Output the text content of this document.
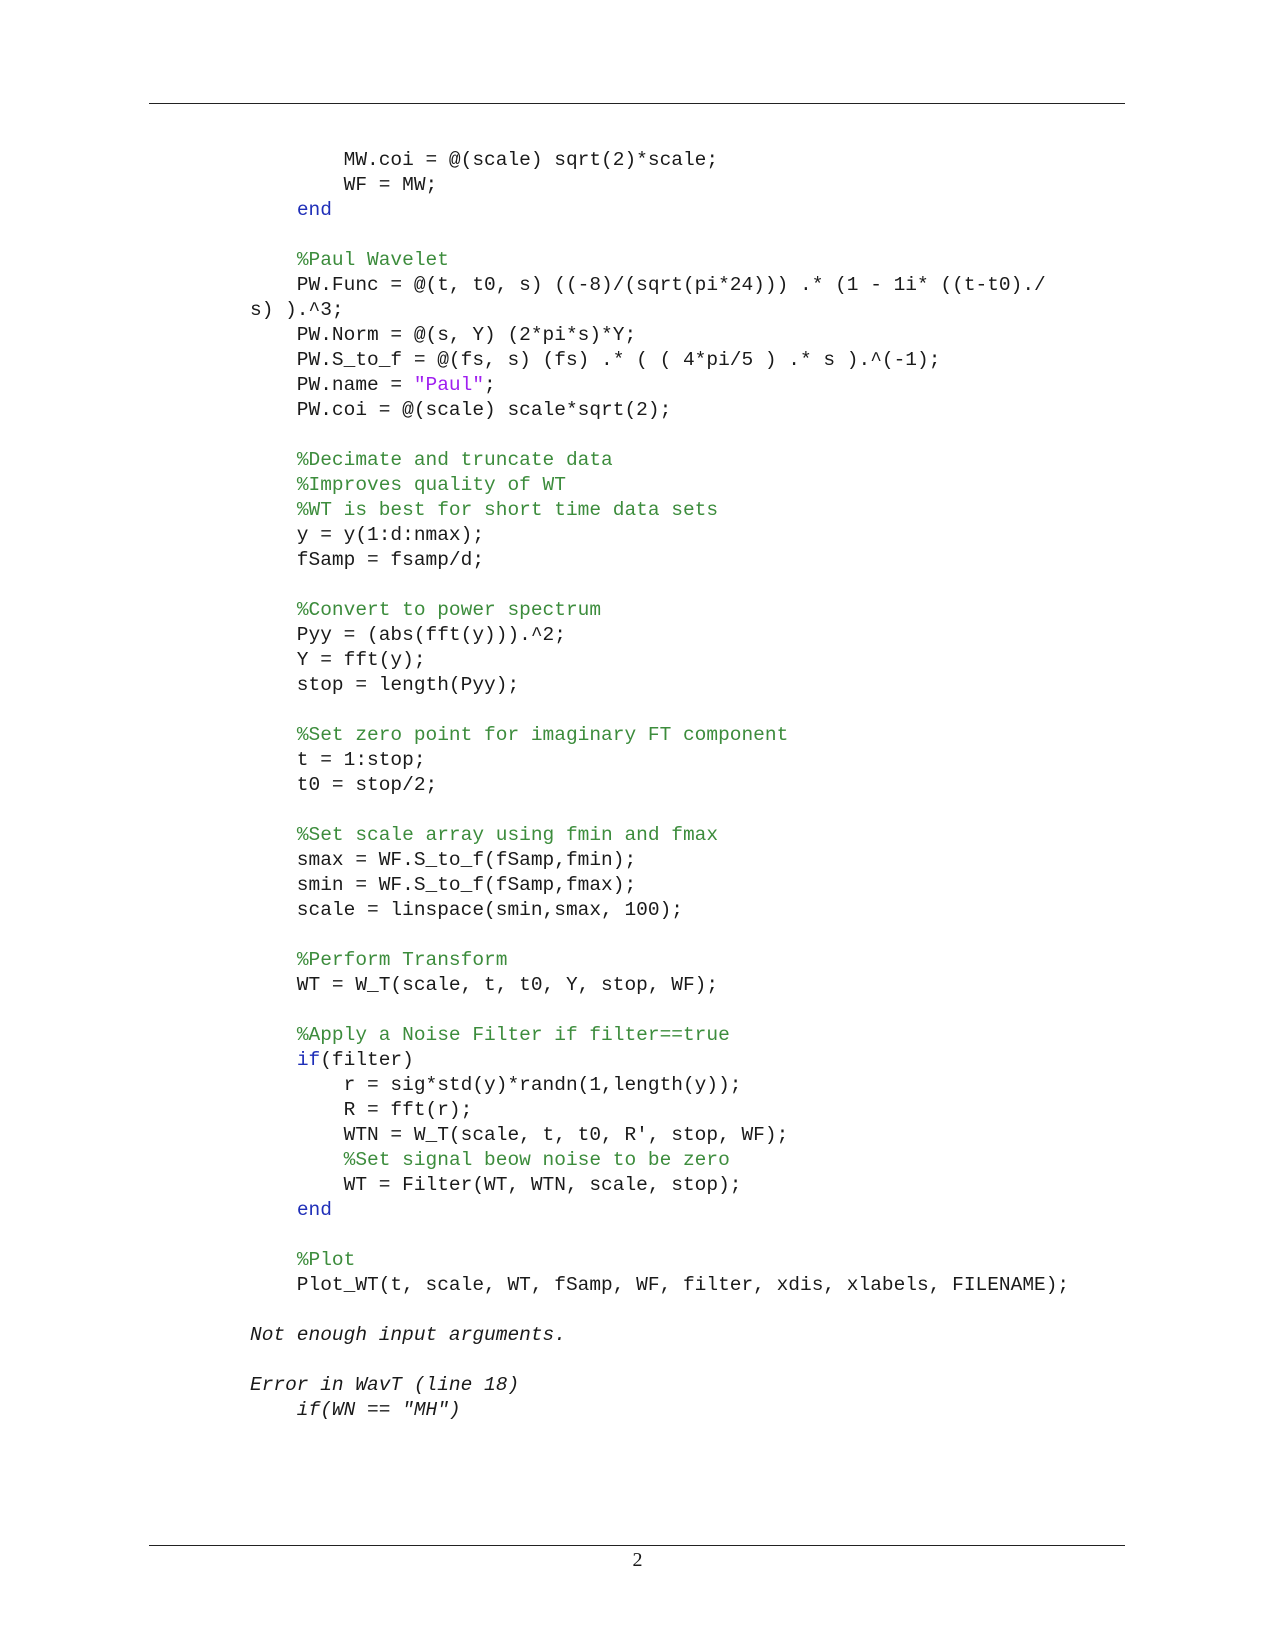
MW.coi = @(scale) sqrt(2)*scale;
WF = MW;
end
%Paul Wavelet
PW.Func = @(t, t0, s) ((-8)/(sqrt(pi*24))) .* (1 - 1i* ((t-t0)./
s) ).^3;
PW.Norm = @(s, Y) (2*pi*s)*Y;
PW.S_to_f = @(fs, s) (fs) .* ( ( 4*pi/5 ) .* s ).^(-1);
PW.name = "Paul";
PW.coi = @(scale) scale*sqrt(2);
%Decimate and truncate data
%Improves quality of WT
%WT is best for short time data sets
y = y(1:d:nmax);
fSamp = fsamp/d;
%Convert to power spectrum
Pyy = (abs(fft(y))).^2;
Y = fft(y);
stop = length(Pyy);
%Set zero point for imaginary FT component
t = 1:stop;
t0 = stop/2;
%Set scale array using fmin and fmax
smax = WF.S_to_f(fSamp,fmin);
smin = WF.S_to_f(fSamp,fmax);
scale = linspace(smin,smax, 100);
%Perform Transform
WT = W_T(scale, t, t0, Y, stop, WF);
%Apply a Noise Filter if filter==true
if(filter)
r = sig*std(y)*randn(1,length(y));
R = fft(r);
WTN = W_T(scale, t, t0, R', stop, WF);
%Set signal beow noise to be zero
WT = Filter(WT, WTN, scale, stop);
end
%Plot
Plot_WT(t, scale, WT, fSamp, WF, filter, xdis, xlabels, FILENAME);
Not enough input arguments.
Error in WavT (line 18)
if(WN == "MH")
2
